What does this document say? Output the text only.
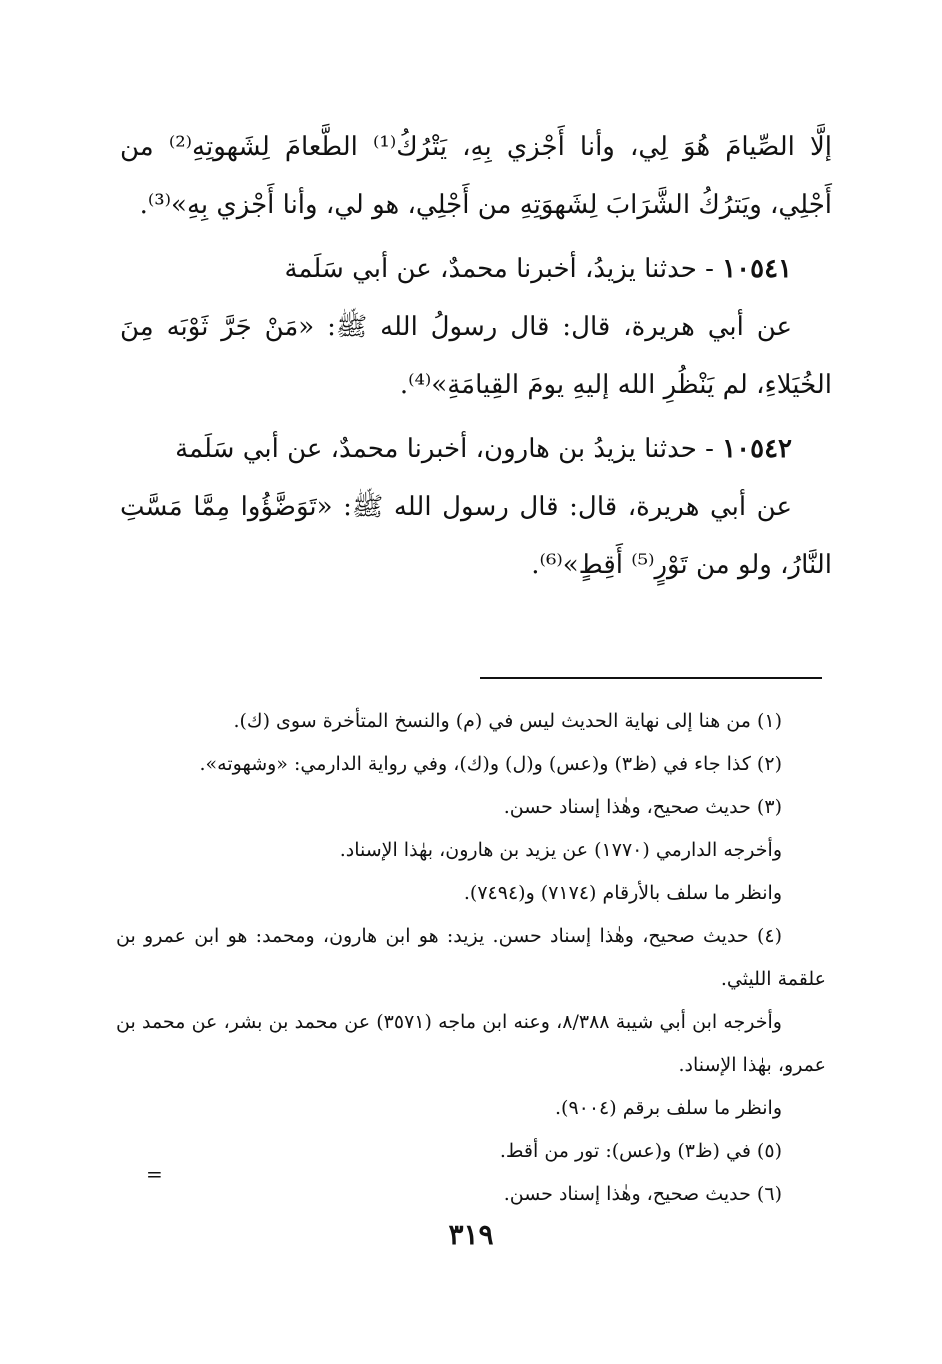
إلَّا الصِّيامَ هُوَ لِي، وأنا أَجْزي بِهِ، يَتْرُكُ⁽¹⁾ الطَّعامَ لِشَهوتِهِ⁽²⁾ من أَجْلِي، ويَترُكُ الشَّرَابَ لِشَهوَتِهِ من أَجْلِي، هو لي، وأنا أَجْزي بِهِ»⁽³⁾.

١٠٥٤١ - حدثنا يزيدُ، أخبرنا محمدٌ، عن أبي سَلَمة

عن أبي هريرة، قال: قال رسولُ الله ﷺ: «مَنْ جَرَّ ثَوْبَه مِنَ الخُيَلاءِ، لم يَنْظُرِ الله إليهِ يومَ القِيامَةِ»⁽⁴⁾.

١٠٥٤٢ - حدثنا يزيدُ بن هارون، أخبرنا محمدٌ، عن أبي سَلَمة

عن أبي هريرة، قال: قال رسول الله ﷺ: «تَوَضَّؤُوا مِمَّا مَسَّتِ النَّارُ، ولو من تَوْرٍ⁽⁵⁾ أَقِطٍ»⁽⁶⁾.

(١) من هنا إلى نهاية الحديث ليس في (م) والنسخ المتأخرة سوى (ك).

(٢) كذا جاء في (ظ٣) و(عس) و(ل) و(ك)، وفي رواية الدارمي: «وشهوته».

(٣) حديث صحيح، وهٰذا إسناد حسن.

وأخرجه الدارمي (١٧٧٠) عن يزيد بن هارون، بهٰذا الإسناد.

وانظر ما سلف بالأرقام (٧١٧٤) و(٧٤٩٤).

(٤) حديث صحيح، وهٰذا إسناد حسن. يزيد: هو ابن هارون، ومحمد: هو ابن عمرو بن علقمة الليثي.

وأخرجه ابن أبي شيبة ٨/٣٨٨، وعنه ابن ماجه (٣٥٧١) عن محمد بن بشر، عن محمد بن عمرو، بهٰذا الإسناد.

وانظر ما سلف برقم (٩٠٠٤).

(٥) في (ظ٣) و(عس): تور من أقط.

(٦) حديث صحيح، وهٰذا إسناد حسن.

=
٣١٩
